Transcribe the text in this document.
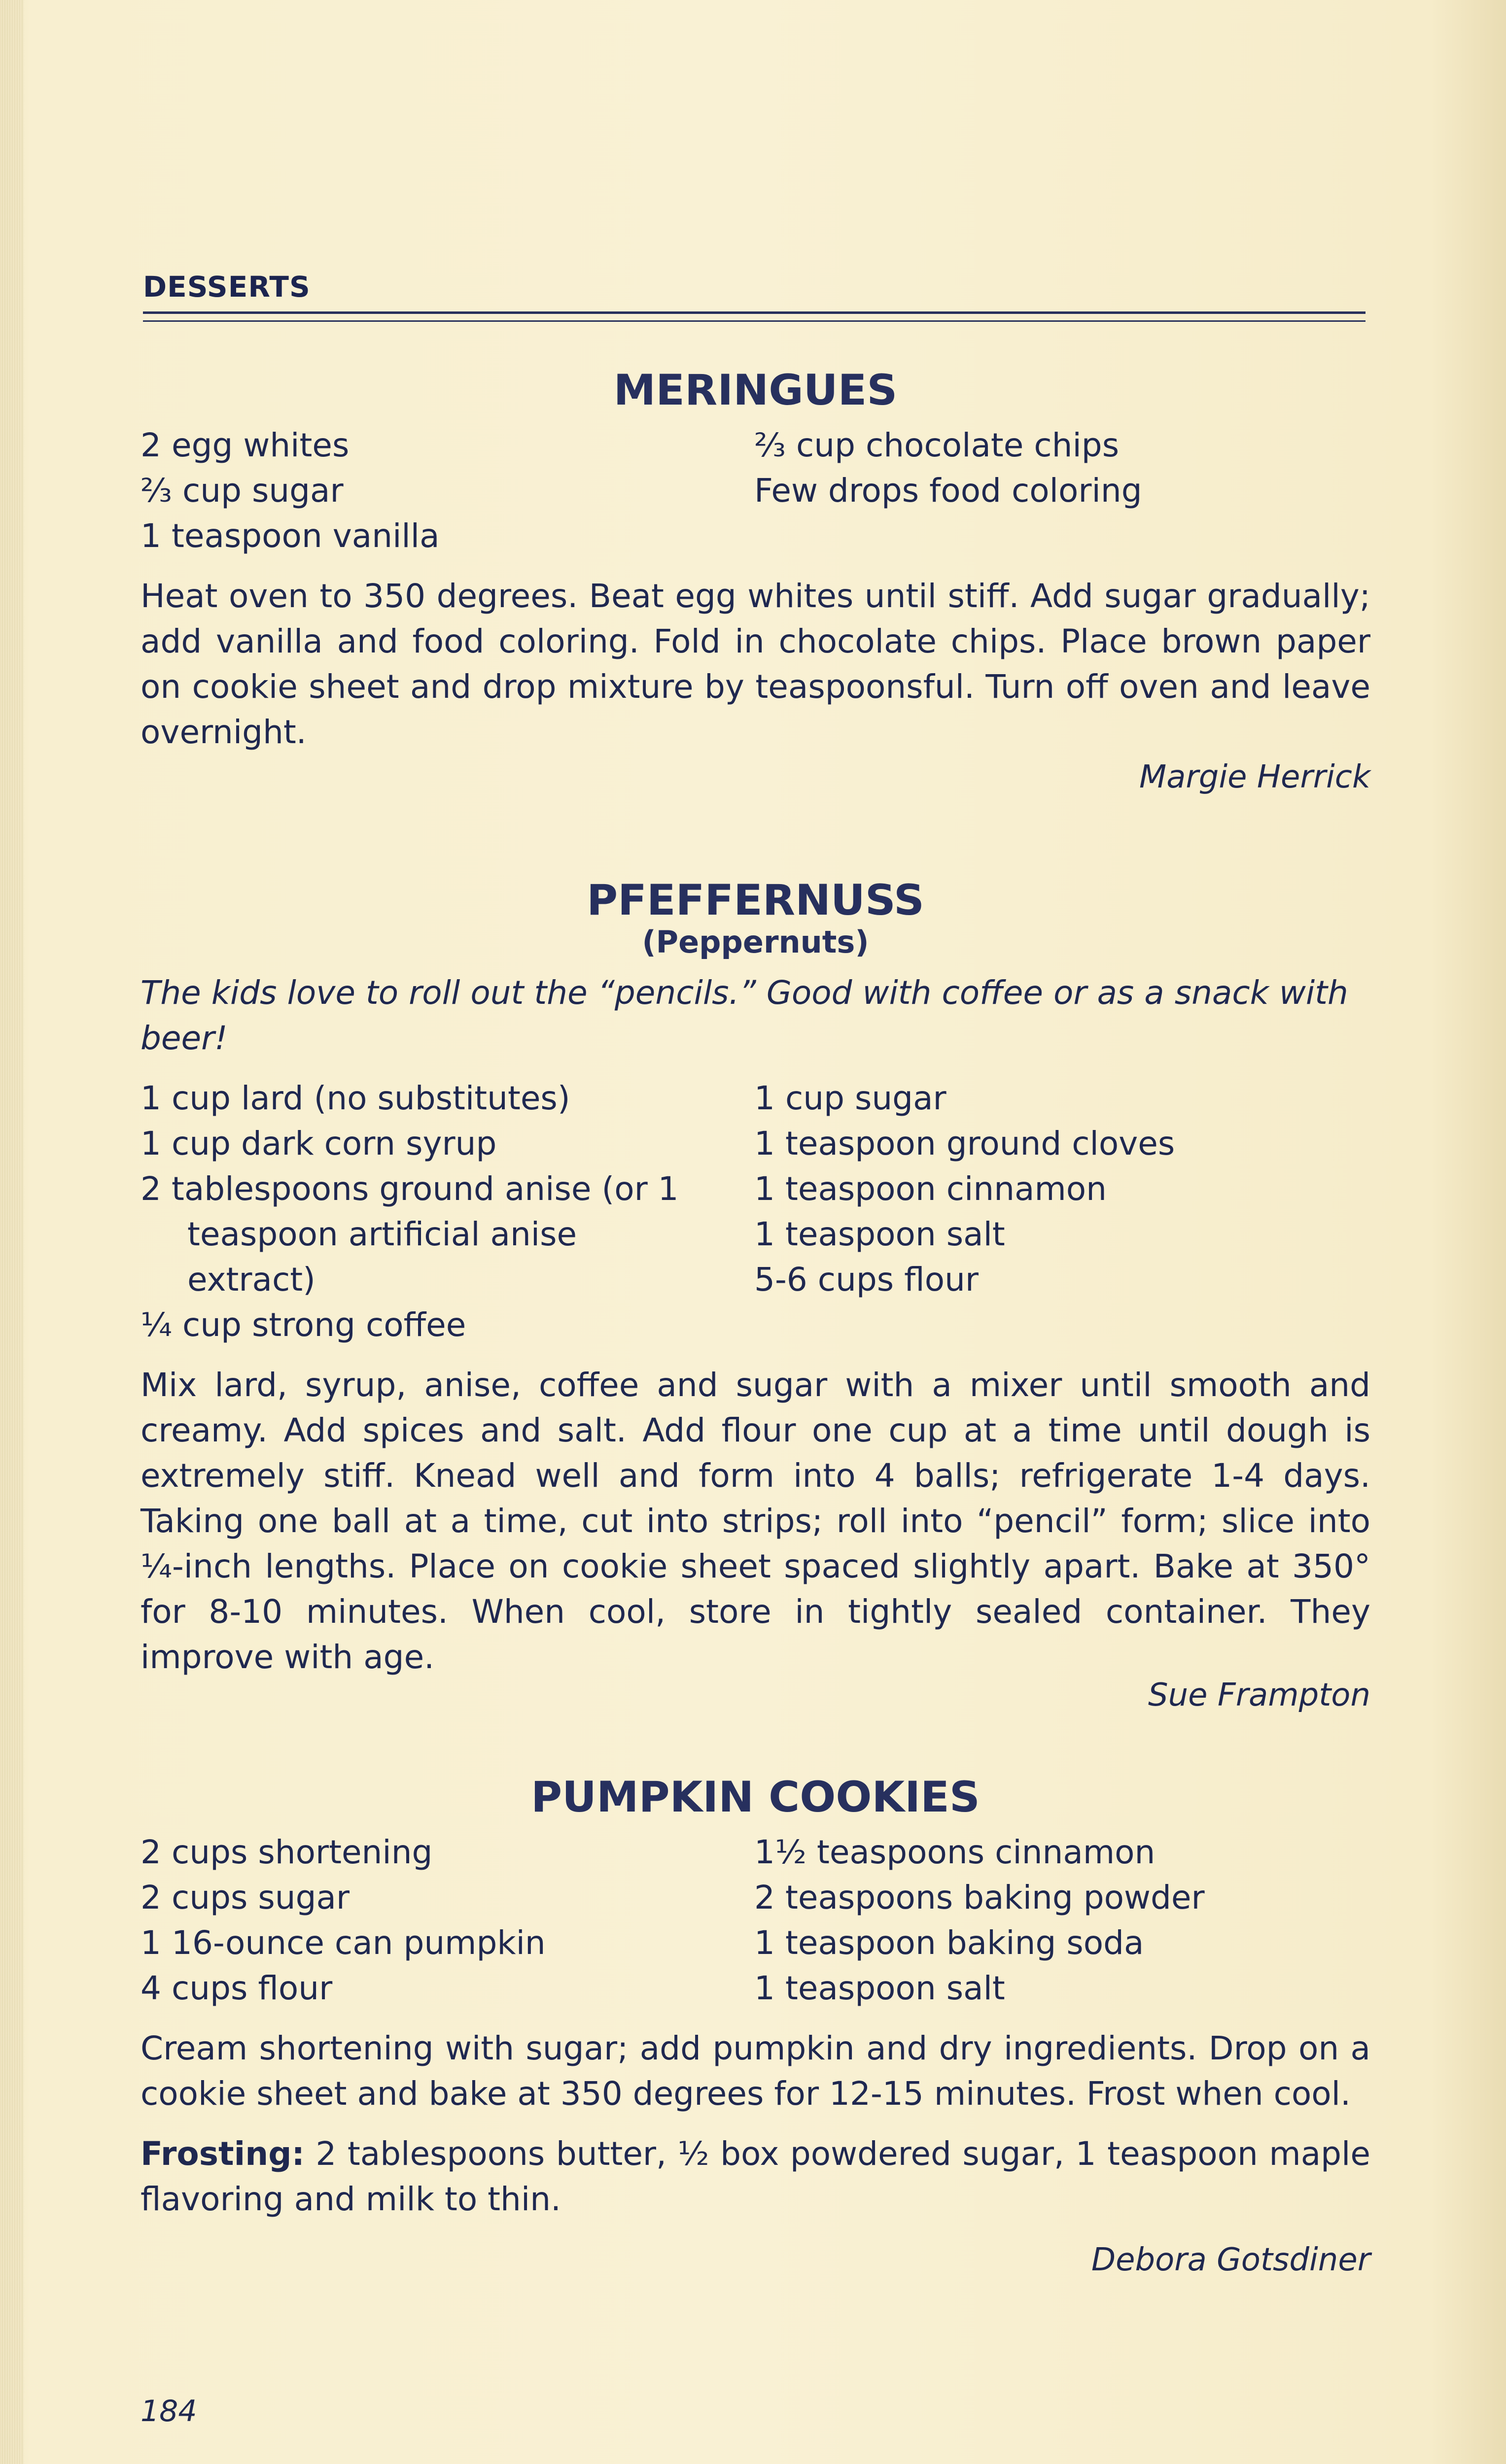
DESSERTS
MERINGUES

2 egg whites

⅔ cup sugar

1 teaspoon vanilla

⅔ cup chocolate chips

Few drops food coloring

Heat oven to 350 degrees. Beat egg whites until stiff. Add sugar gradually; add vanilla and food coloring. Fold in chocolate chips. Place brown paper on cookie sheet and drop mixture by teaspoonsful. Turn off oven and leave overnight.

Margie Herrick

PFEFFERNUSS

(Peppernuts)

The kids love to roll out the “pencils.” Good with coffee or as a snack with beer!

1 cup lard (no substitutes)

1 cup dark corn syrup

2 tablespoons ground anise (or 1

teaspoon artificial anise

extract)

¼ cup strong coffee

1 cup sugar

1 teaspoon ground cloves

1 teaspoon cinnamon

1 teaspoon salt

5-6 cups flour

Mix lard, syrup, anise, coffee and sugar with a mixer until smooth and creamy. Add spices and salt. Add flour one cup at a time until dough is extremely stiff. Knead well and form into 4 balls; refrigerate 1-4 days. Taking one ball at a time, cut into strips; roll into “pencil” form; slice into ¼-inch lengths. Place on cookie sheet spaced slightly apart. Bake at 350° for 8-10 minutes. When cool, store in tightly sealed container. They improve with age.

Sue Frampton

PUMPKIN COOKIES

2 cups shortening

2 cups sugar

1 16-ounce can pumpkin

4 cups flour

1½ teaspoons cinnamon

2 teaspoons baking powder

1 teaspoon baking soda

1 teaspoon salt

Cream shortening with sugar; add pumpkin and dry ingredients. Drop on a cookie sheet and bake at 350 degrees for 12-15 minutes. Frost when cool.

Frosting: 2 tablespoons butter, ½ box powdered sugar, 1 teaspoon maple flavoring and milk to thin.

Debora Gotsdiner

184
